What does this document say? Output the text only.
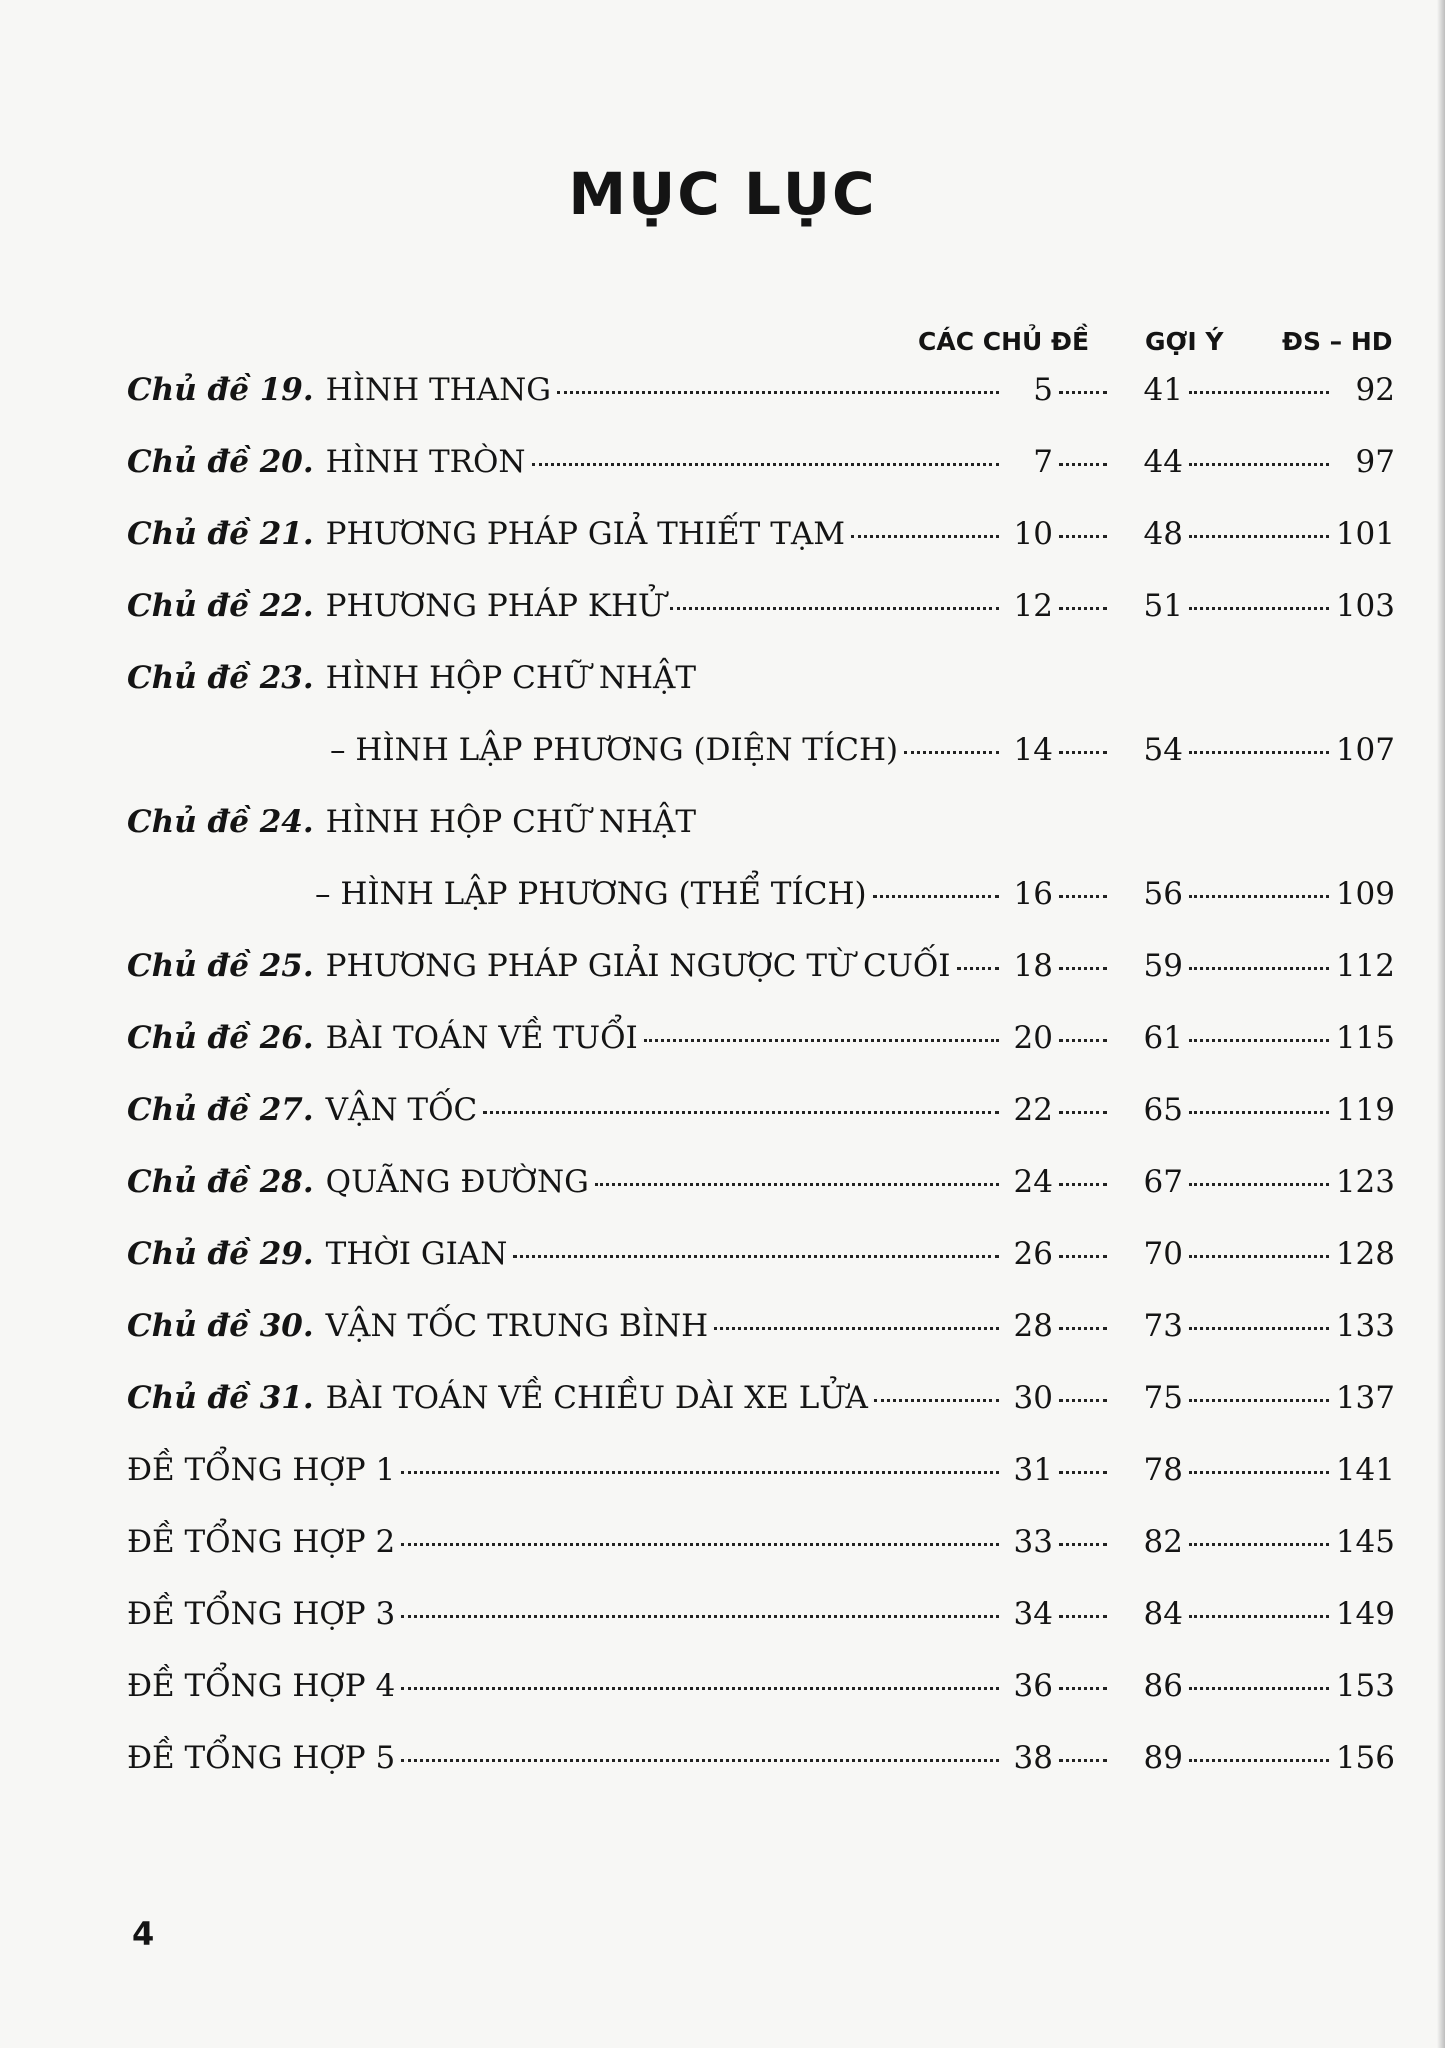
MỤC LỤC
CÁC CHỦ ĐỀ GỢI Ý ĐS – HD
Chủ đề 19. HÌNH THANG	5	41	92
Chủ đề 20. HÌNH TRÒN	7	44	97
Chủ đề 21. PHƯƠNG PHÁP GIẢ THIẾT TẠM	10	48	101
Chủ đề 22. PHƯƠNG PHÁP KHỬ	12	51	103
Chủ đề 23. HÌNH HỘP CHỮ NHẬT
– HÌNH LẬP PHƯƠNG (DIỆN TÍCH)	14	54	107
Chủ đề 24. HÌNH HỘP CHỮ NHẬT
– HÌNH LẬP PHƯƠNG (THỂ TÍCH)	16	56	109
Chủ đề 25. PHƯƠNG PHÁP GIẢI NGƯỢC TỪ CUỐI 18	59	112
Chủ đề 26. BÀI TOÁN VỀ TUỔI	20	61	115
Chủ đề 27. VẬN TỐC	22	65	119
Chủ đề 28. QUÃNG ĐƯỜNG	24	67	123
Chủ đề 29. THỜI GIAN	26	70	128
Chủ đề 30. VẬN TỐC TRUNG BÌNH	28	73	133
Chủ đề 31. BÀI TOÁN VỀ CHIỀU DÀI XE LỬA	30	75	137
ĐỀ TỔNG HỢP 1	31	78	141
ĐỀ TỔNG HỢP 2	33	82	145
ĐỀ TỔNG HỢP 3	34	84	149
ĐỀ TỔNG HỢP 4	36	86	153
ĐỀ TỔNG HỢP 5	38	89	156
4
